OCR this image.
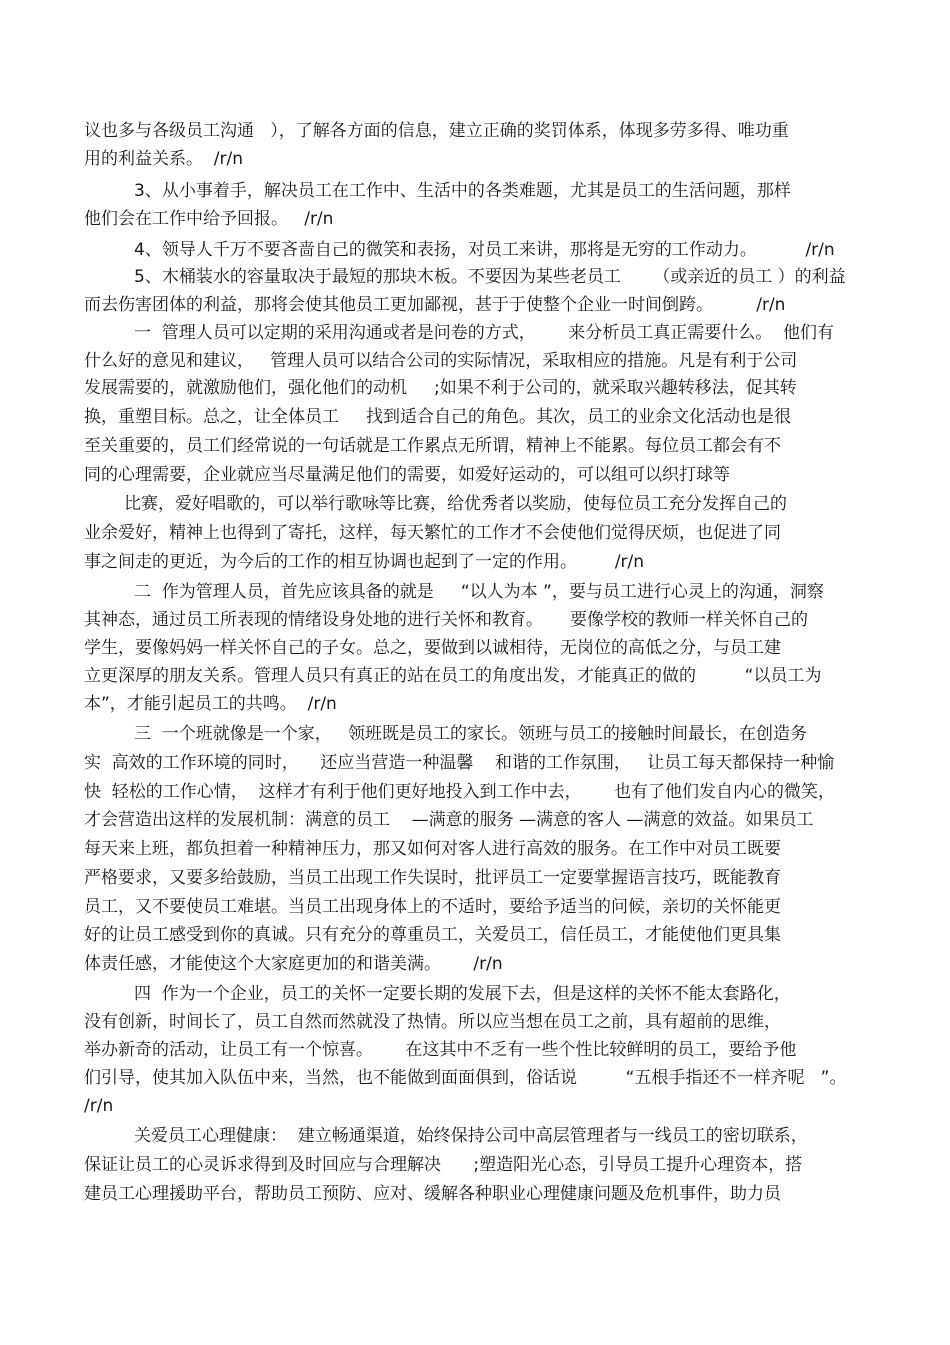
议也多与各级员工沟通   ），了解各方面的信息，建立正确的奖罚体系，体现多劳多得、唯功重

用的利益关系。  /r/n

3、从小事着手，解决员工在工作中、生活中的各类难题，尤其是员工的生活问题，那样

他们会在工作中给予回报。   /r/n

4、领导人千万不要吝啬自己的微笑和表扬，对员工来讲，那将是无穷的工作动力。         /r/n

5、木桶装水的容量取决于最短的那块木板。不要因为某些老员工      （或亲近的员工 ）的利益

而去伤害团体的利益，那将会使其他员工更加鄙视，甚于于使整个企业一时间倒跨。        /r/n

一  管理人员可以定期的采用沟通或者是问卷的方式，      来分析员工真正需要什么。  他们有

什么好的意见和建议，   管理人员可以结合公司的实际情况，采取相应的措施。凡是有利于公司

发展需要的，就激励他们，强化他们的动机     ;如果不利于公司的，就采取兴趣转移法，促其转

换，重塑目标。总之，让全体员工     找到适合自己的角色。其次，员工的业余文化活动也是很

至关重要的，员工们经常说的一句话就是工作累点无所谓，精神上不能累。每位员工都会有不

同的心理需要，企业就应当尽量满足他们的需要，如爱好运动的，可以组可以织打球等

比赛，爱好唱歌的，可以举行歌咏等比赛，给优秀者以奖励，使每位员工充分发挥自己的

业余爱好，精神上也得到了寄托，这样，每天繁忙的工作才不会使他们觉得厌烦，也促进了同

事之间走的更近，为今后的工作的相互协调也起到了一定的作用。       /r/n

二  作为管理人员，首先应该具备的就是     “以人为本 ”，要与员工进行心灵上的沟通，洞察

其神态，通过员工所表现的情绪设身处地的进行关怀和教育。     要像学校的教师一样关怀自己的

学生，要像妈妈一样关怀自己的子女。总之，要做到以诚相待，无岗位的高低之分，与员工建

立更深厚的朋友关系。管理人员只有真正的站在员工的角度出发，才能真正的做的         “以员工为

本”，才能引起员工的共鸣。  /r/n

三  一个班就像是一个家，   领班既是员工的家长。领班与员工的接触时间最长，在创造务

实  高效的工作环境的同时，    还应当营造一种温馨    和谐的工作氛围，   让员工每天都保持一种愉

快  轻松的工作心情，  这样才有利于他们更好地投入到工作中去，      也有了他们发自内心的微笑，

才会营造出这样的发展机制：满意的员工    —满意的服务 —满意的客人 —满意的效益。如果员工

每天来上班，都负担着一种精神压力，那又如何对客人进行高效的服务。在工作中对员工既要

严格要求，又要多给鼓励，当员工出现工作失误时，批评员工一定要掌握语言技巧，既能教育

员工，又不要使员工难堪。当员工出现身体上的不适时，要给予适当的问候，亲切的关怀能更

好的让员工感受到你的真诚。只有充分的尊重员工，关爱员工，信任员工，才能使他们更具集

体责任感，才能使这个大家庭更加的和谐美满。      /r/n

四  作为一个企业，员工的关怀一定要长期的发展下去，但是这样的关怀不能太套路化，

没有创新，时间长了，员工自然而然就没了热情。所以应当想在员工之前，具有超前的思维，

举办新奇的活动，让员工有一个惊喜。      在这其中不乏有一些个性比较鲜明的员工，要给予他

们引导，使其加入队伍中来，当然，也不能做到面面俱到，俗话说         “五根手指还不一样齐呢   ”。

/r/n

关爱员工心理健康：  建立畅通渠道，始终保持公司中高层管理者与一线员工的密切联系，

保证让员工的心灵诉求得到及时回应与合理解决      ;塑造阳光心态，引导员工提升心理资本，搭

建员工心理援助平台，帮助员工预防、应对、缓解各种职业心理健康问题及危机事件，助力员
